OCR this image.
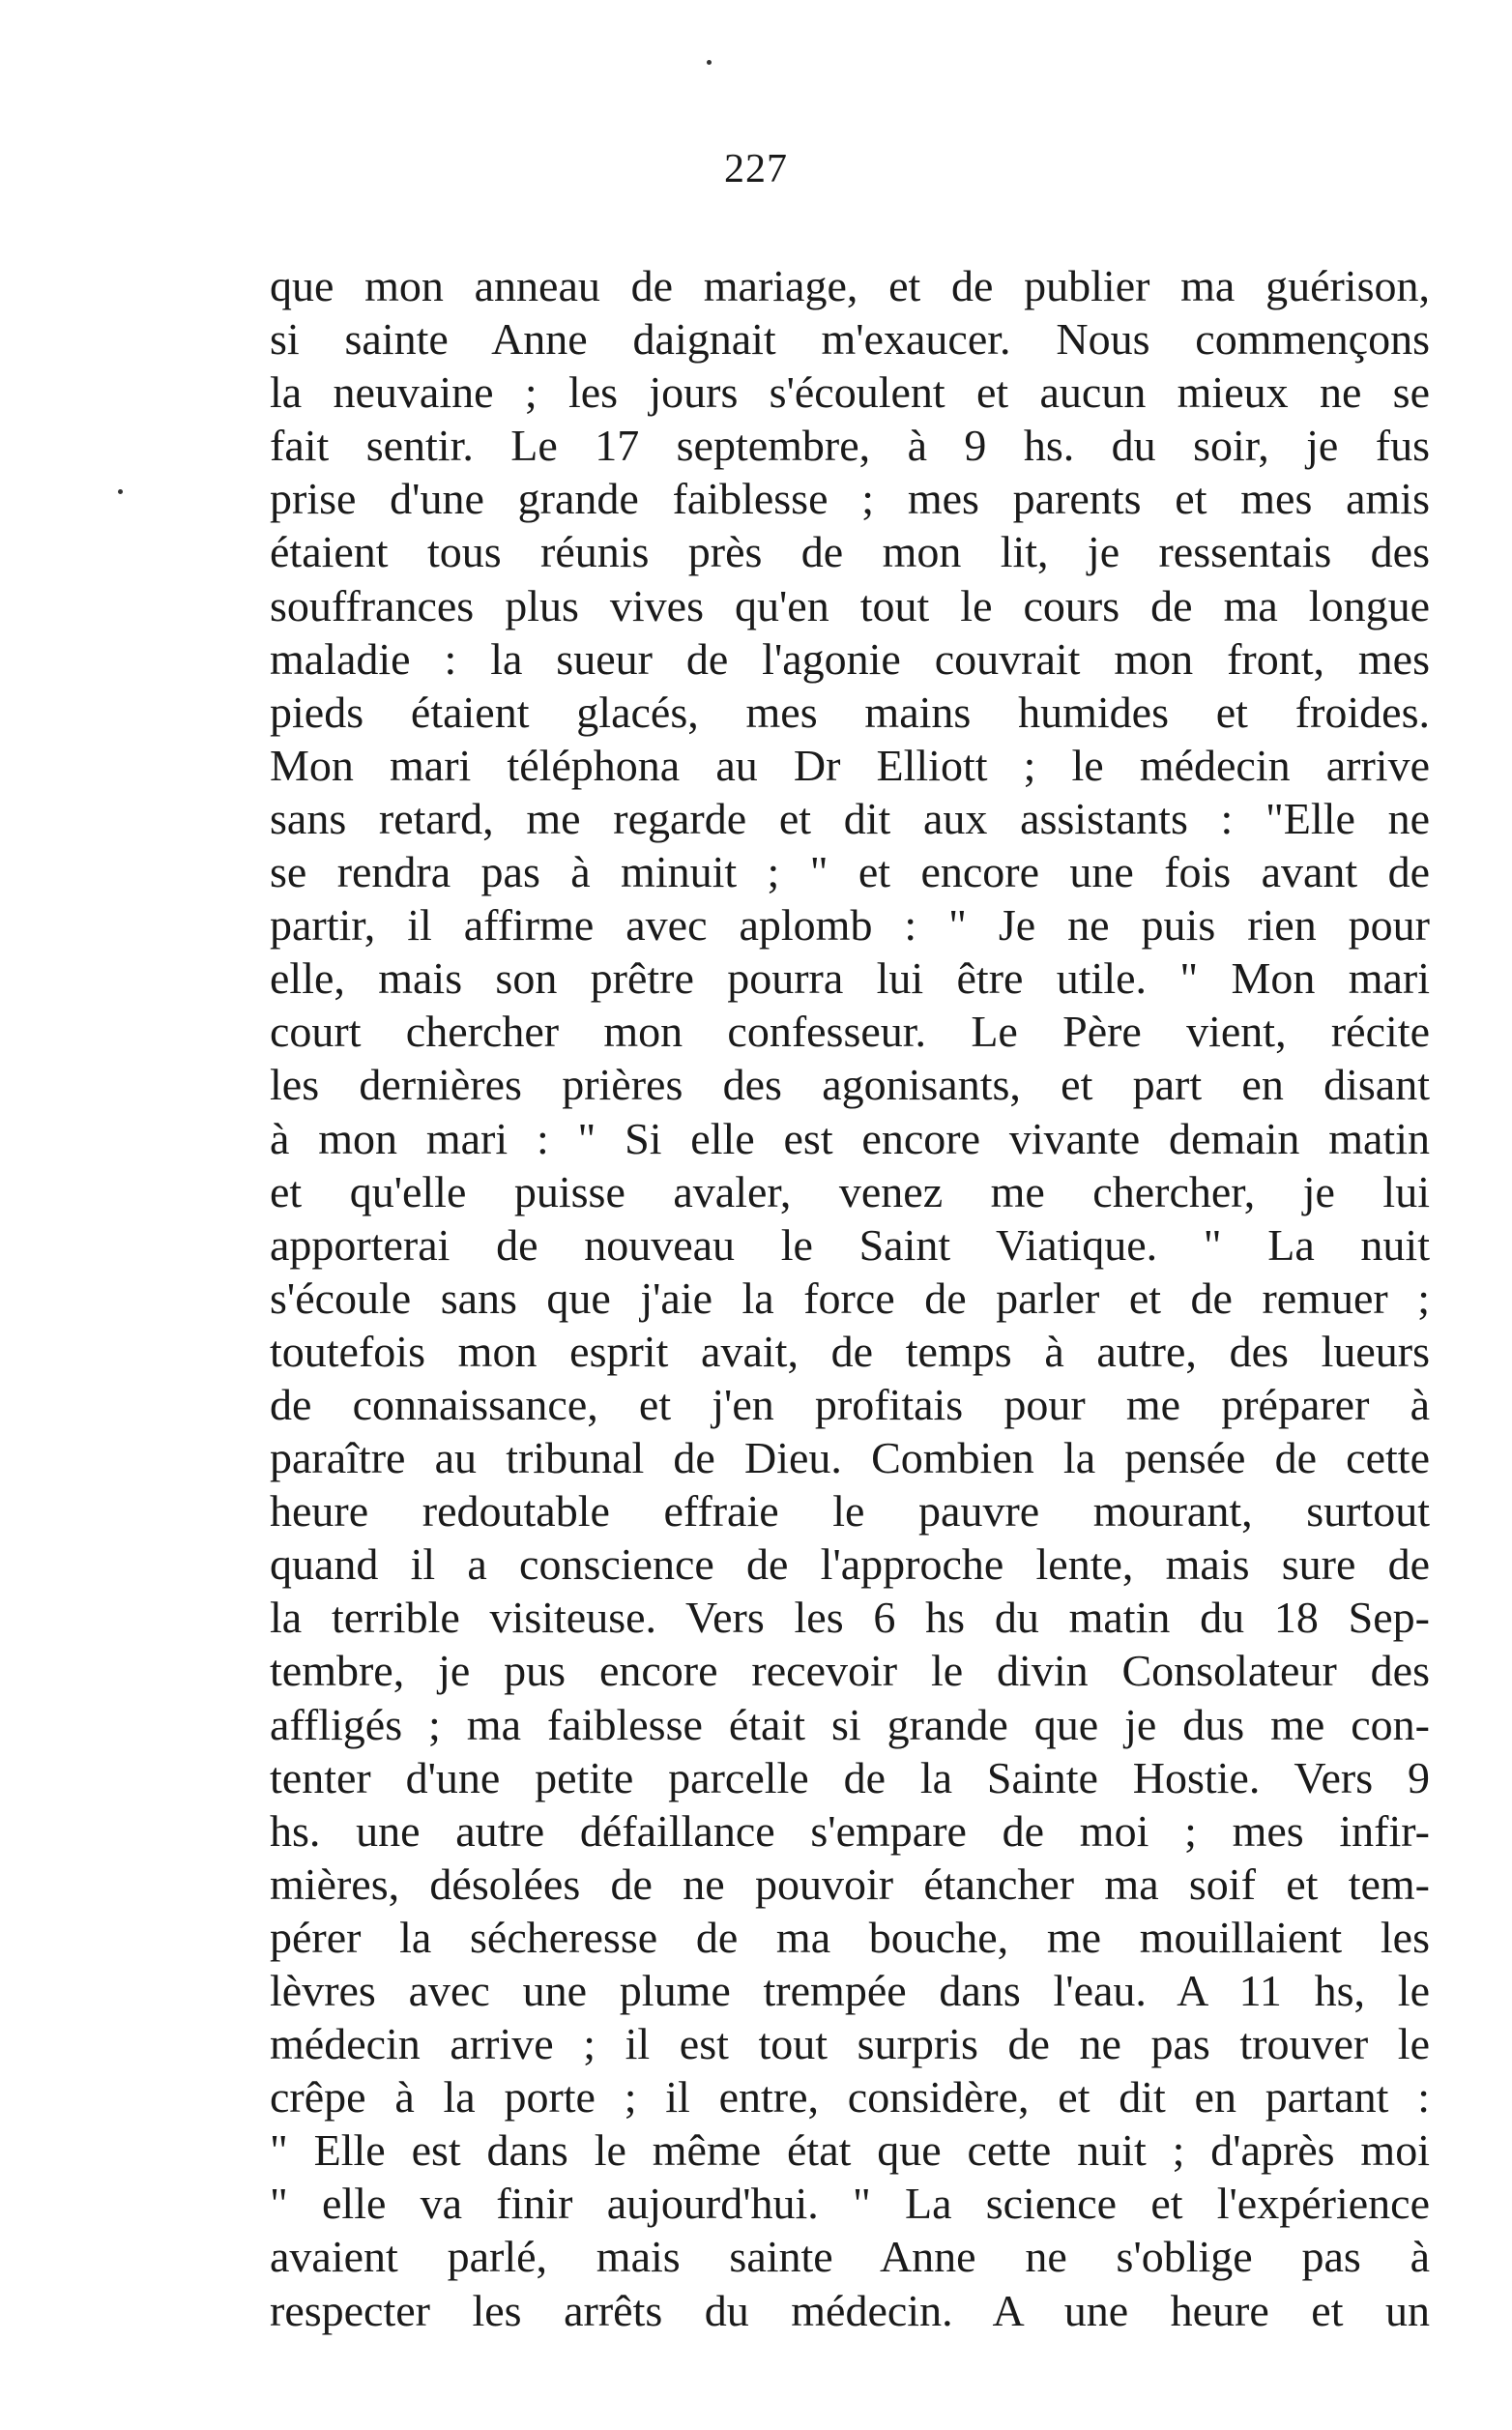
227
que mon anneau de mariage, et de publier ma guérison,
si sainte Anne daignait m'exaucer. Nous commençons
la neuvaine ; les jours s'écoulent et aucun mieux ne se
fait sentir. Le 17 septembre, à 9 hs. du soir, je fus
prise d'une grande faiblesse ; mes parents et mes amis
étaient tous réunis près de mon lit, je ressentais des
souffrances plus vives qu'en tout le cours de ma longue
maladie : la sueur de l'agonie couvrait mon front, mes
pieds étaient glacés, mes mains humides et froides.
Mon mari téléphona au Dr Elliott ; le médecin arrive
sans retard, me regarde et dit aux assistants : "Elle ne
se rendra pas à minuit ; " et encore une fois avant de
partir, il affirme avec aplomb : " Je ne puis rien pour
elle, mais son prêtre pourra lui être utile. " Mon mari
court chercher mon confesseur. Le Père vient, récite
les dernières prières des agonisants, et part en disant
à mon mari : " Si elle est encore vivante demain matin
et qu'elle puisse avaler, venez me chercher, je lui
apporterai de nouveau le Saint Viatique. " La nuit
s'écoule sans que j'aie la force de parler et de remuer ;
toutefois mon esprit avait, de temps à autre, des lueurs
de connaissance, et j'en profitais pour me préparer à
paraître au tribunal de Dieu. Combien la pensée de cette
heure redoutable effraie le pauvre mourant, surtout
quand il a conscience de l'approche lente, mais sure de
la terrible visiteuse. Vers les 6 hs du matin du 18 Sep-
tembre, je pus encore recevoir le divin Consolateur des
affligés ; ma faiblesse était si grande que je dus me con-
tenter d'une petite parcelle de la Sainte Hostie. Vers 9
hs. une autre défaillance s'empare de moi ; mes infir-
mières, désolées de ne pouvoir étancher ma soif et tem-
pérer la sécheresse de ma bouche, me mouillaient les
lèvres avec une plume trempée dans l'eau. A 11 hs, le
médecin arrive ; il est tout surpris de ne pas trouver le
crêpe à la porte ; il entre, considère, et dit en partant :
" Elle est dans le même état que cette nuit ; d'après moi
" elle va finir aujourd'hui. " La science et l'expérience
avaient parlé, mais sainte Anne ne s'oblige pas à
respecter les arrêts du médecin. A une heure et un
